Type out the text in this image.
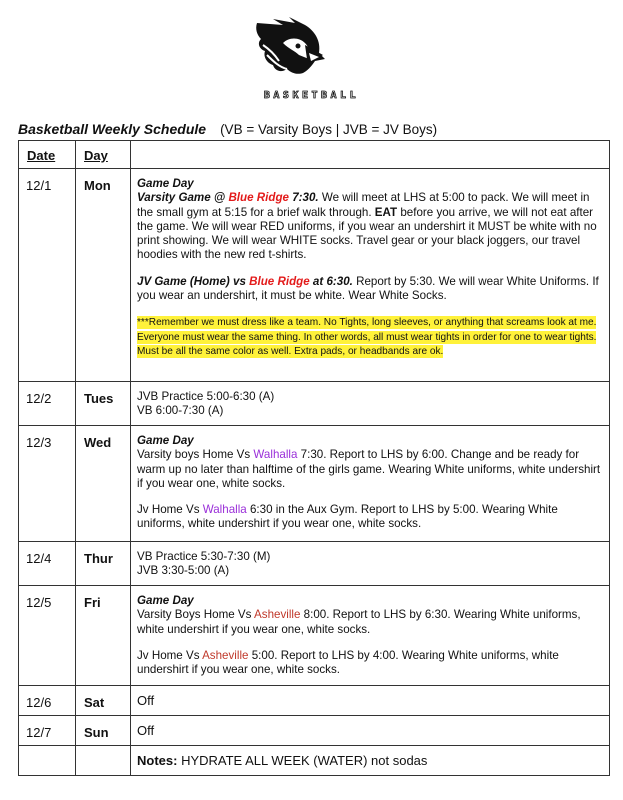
BASKETBALL
Basketball Weekly Schedule (VB = Varsity Boys | JVB = JV Boys)
Date	Day	

12/1	Mon	Game Day
Varsity Game @ Blue Ridge 7:30. We will meet at LHS at 5:00 to pack. We will meet in the small gym at 5:15 for a brief walk through. EAT before you arrive, we will not eat after the game. We will wear RED uniforms, if you wear an undershirt it MUST be white with no print showing. We will wear WHITE socks. Travel gear or your black joggers, our travel hoodies with the new red t-shirts.
JV Game (Home) vs Blue Ridge at 6:30. Report by 5:30. We will wear White Uniforms. If you wear an undershirt, it must be white. Wear White Socks.
***Remember we must dress like a team. No Tights, long sleeves, or anything that screams look at me. Everyone must wear the same thing. In other words, all must wear tights in order for one to wear tights. Must be all the same color as well. Extra pads, or headbands are ok.

12/2	Tues	JVB Practice 5:00-6:30 (A)
VB 6:00-7:30 (A)

12/3	Wed	Game Day
Varsity boys Home Vs Walhalla 7:30. Report to LHS by 6:00. Change and be ready for warm up no later than halftime of the girls game. Wearing White uniforms, white undershirt if you wear one, white socks.
Jv Home Vs Walhalla 6:30 in the Aux Gym. Report to LHS by 5:00. Wearing White uniforms, white undershirt if you wear one, white socks.

12/4	Thur	VB Practice 5:30-7:30 (M)
JVB 3:30-5:00 (A)

12/5	Fri	Game Day
Varsity Boys Home Vs Asheville 8:00. Report to LHS by 6:30. Wearing White uniforms, white undershirt if you wear one, white socks.
Jv Home Vs Asheville 5:00. Report to LHS by 4:00. Wearing White uniforms, white undershirt if you wear one, white socks.

12/6	Sat	Off
12/7	Sun	Off
		Notes: HYDRATE ALL WEEK (WATER) not sodas
